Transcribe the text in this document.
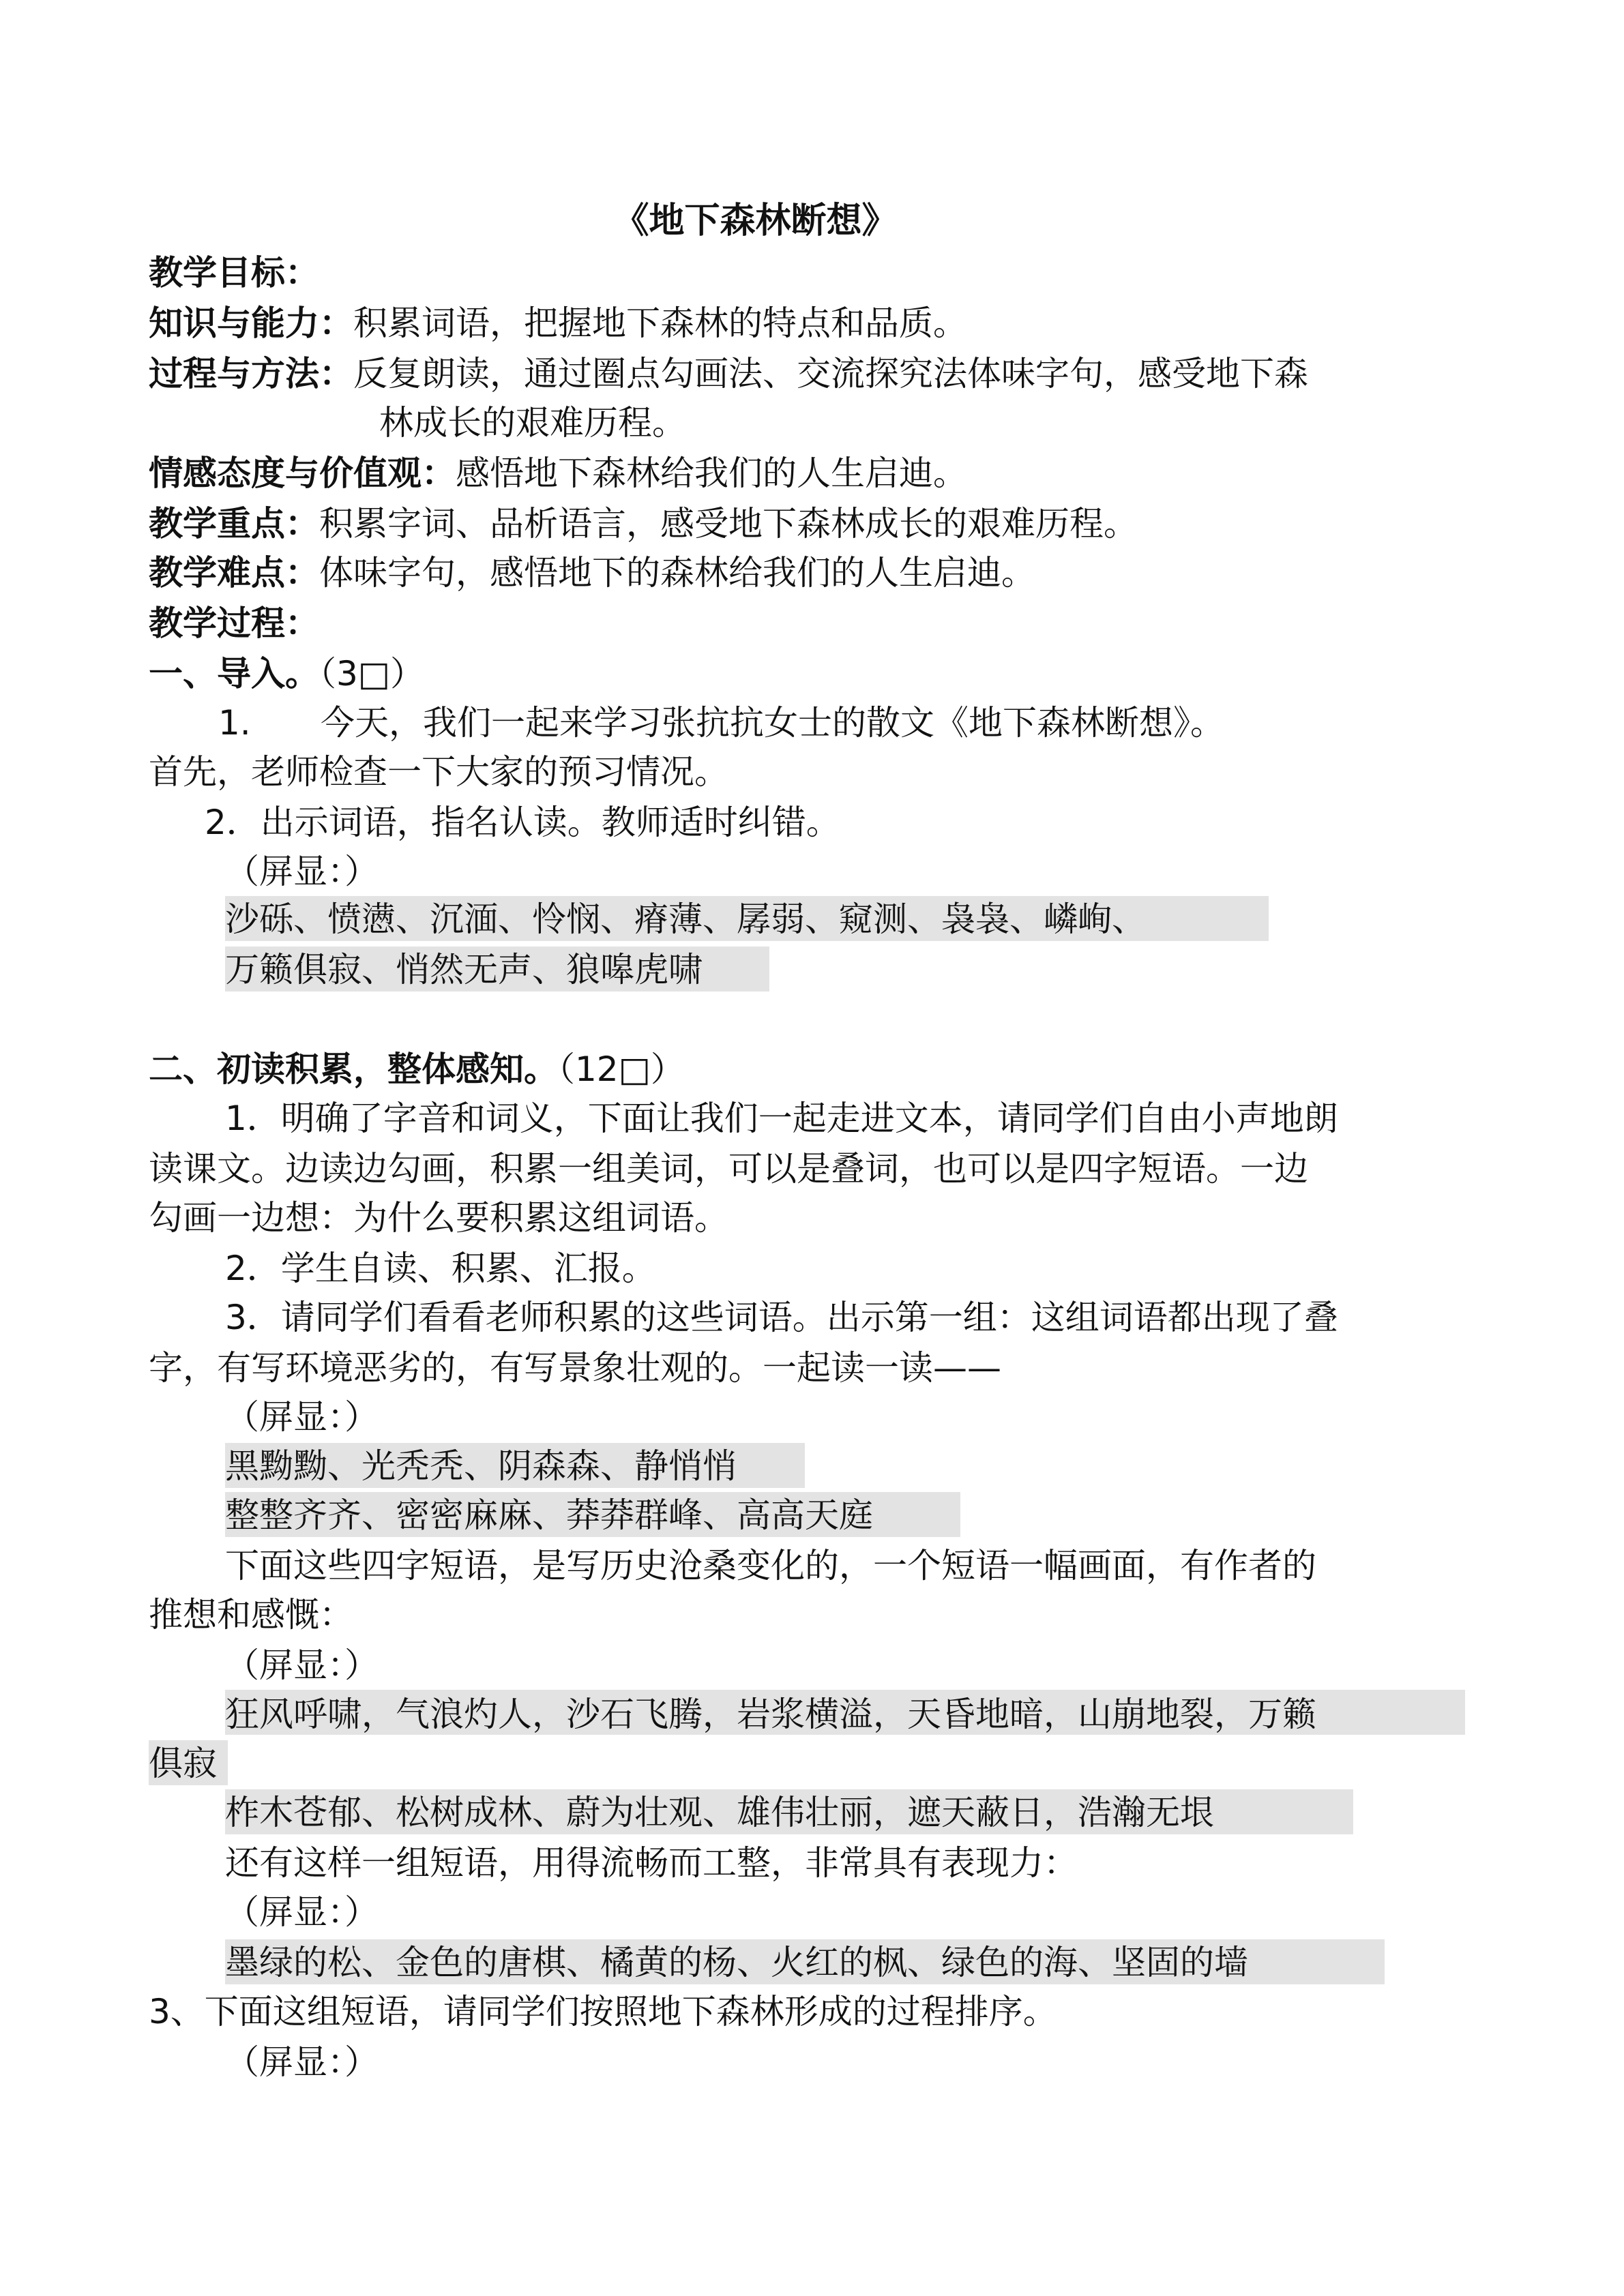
《地下森林断想》
教学目标：
知识与能力：积累词语，把握地下森林的特点和品质。
过程与方法：反复朗读，通过圈点勾画法、交流探究法体味字句，感受地下森
林成长的艰难历程。
情感态度与价值观：感悟地下森林给我们的人生启迪。
教学重点：积累字词、品析语言，感受地下森林成长的艰难历程。
教学难点：体味字句，感悟地下的森林给我们的人生启迪。
教学过程：
一、导入。（3□）
1. 今天，我们一起来学习张抗抗女士的散文《地下森林断想》。
首先，老师检查一下大家的预习情况。
2．出示词语，指名认读。教师适时纠错。
（屏显：）
沙砾、愤懑、沉湎、怜悯、瘠薄、孱弱、窥测、袅袅、嶙峋、
万籁俱寂、悄然无声、狼嗥虎啸
二、初读积累，整体感知。（12□）
1．明确了字音和词义，下面让我们一起走进文本，请同学们自由小声地朗
读课文。边读边勾画，积累一组美词，可以是叠词，也可以是四字短语。一边
勾画一边想：为什么要积累这组词语。
2．学生自读、积累、汇报。
3．请同学们看看老师积累的这些词语。出示第一组：这组词语都出现了叠
字，有写环境恶劣的，有写景象壮观的。一起读一读——
（屏显：）
黑黝黝、光秃秃、阴森森、静悄悄
整整齐齐、密密麻麻、莽莽群峰、高高天庭
下面这些四字短语，是写历史沧桑变化的，一个短语一幅画面，有作者的
推想和感慨：
（屏显：）
狂风呼啸，气浪灼人，沙石飞腾，岩浆横溢，天昏地暗，山崩地裂，万籁
俱寂
柞木苍郁、松树成林、蔚为壮观、雄伟壮丽，遮天蔽日，浩瀚无垠
还有这样一组短语，用得流畅而工整，非常具有表现力：
（屏显：）
墨绿的松、金色的唐棋、橘黄的杨、火红的枫、绿色的海、坚固的墙
3、下面这组短语，请同学们按照地下森林形成的过程排序。
（屏显：）
